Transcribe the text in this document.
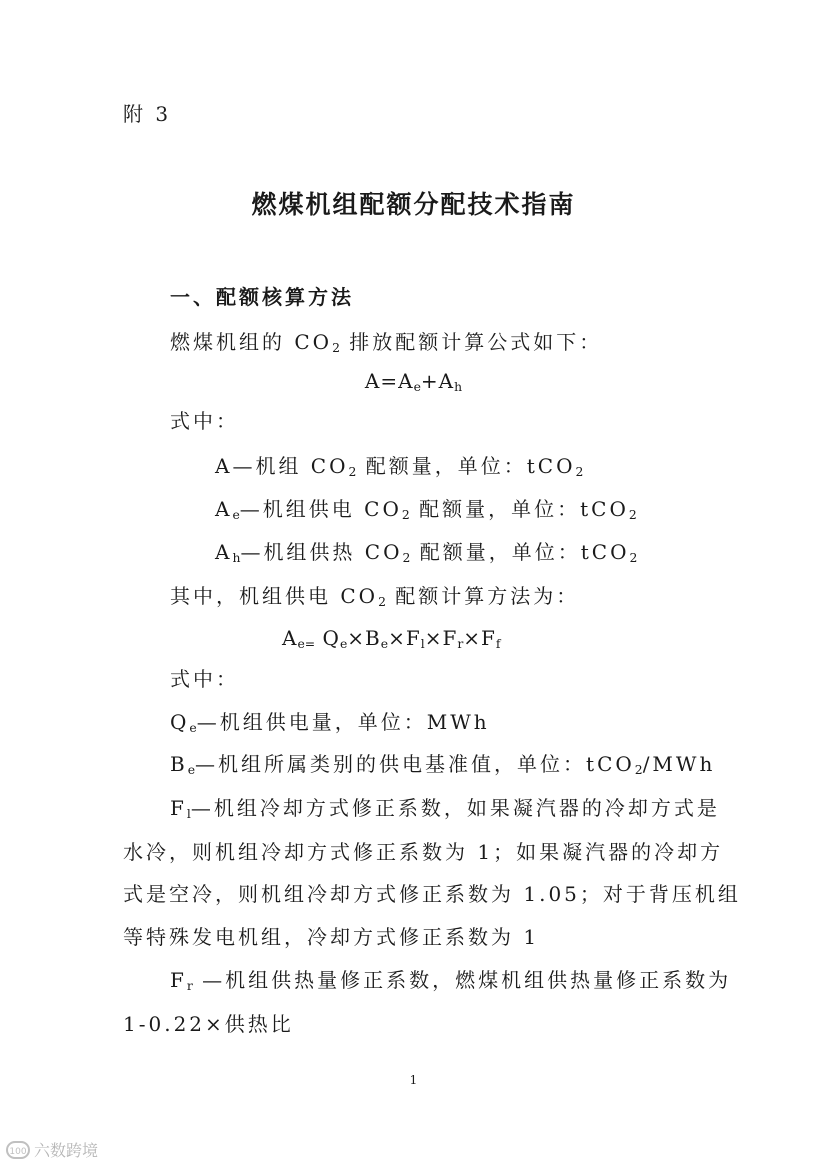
附 3
燃煤机组配额分配技术指南
一、配额核算方法
燃煤机组的 $CO_2$ 排放配额计算公式如下：
$A=A_e+A_h$
式中：
A—机组 $CO_2$ 配额量，单位：tCO$_2$
$A_e—$机组供电 $CO_2$ 配额量，单位：tCO$_2$
$A_h—$机组供热 $CO_2$ 配额量，单位：tCO$_2$
其中，机组供电 $CO_2$ 配额计算方法为：
$A_{e=}$ $Q_e\times B_e\times F_l\times F_r\times F_f$
式中：
$Q_e—$机组供电量，单位：MWh
$B_e—$机组所属类别的供电基准值，单位：tCO$_2$/MWh
$F_l—$机组冷却方式修正系数，如果凝汽器的冷却方式是
水冷，则机组冷却方式修正系数为 1；如果凝汽器的冷却方
式是空冷，则机组冷却方式修正系数为 1.05；对于背压机组
等特殊发电机组，冷却方式修正系数为 1
$F_r$ —机组供热量修正系数，燃煤机组供热量修正系数为
1-0.22×供热比
1
100 六数跨境
